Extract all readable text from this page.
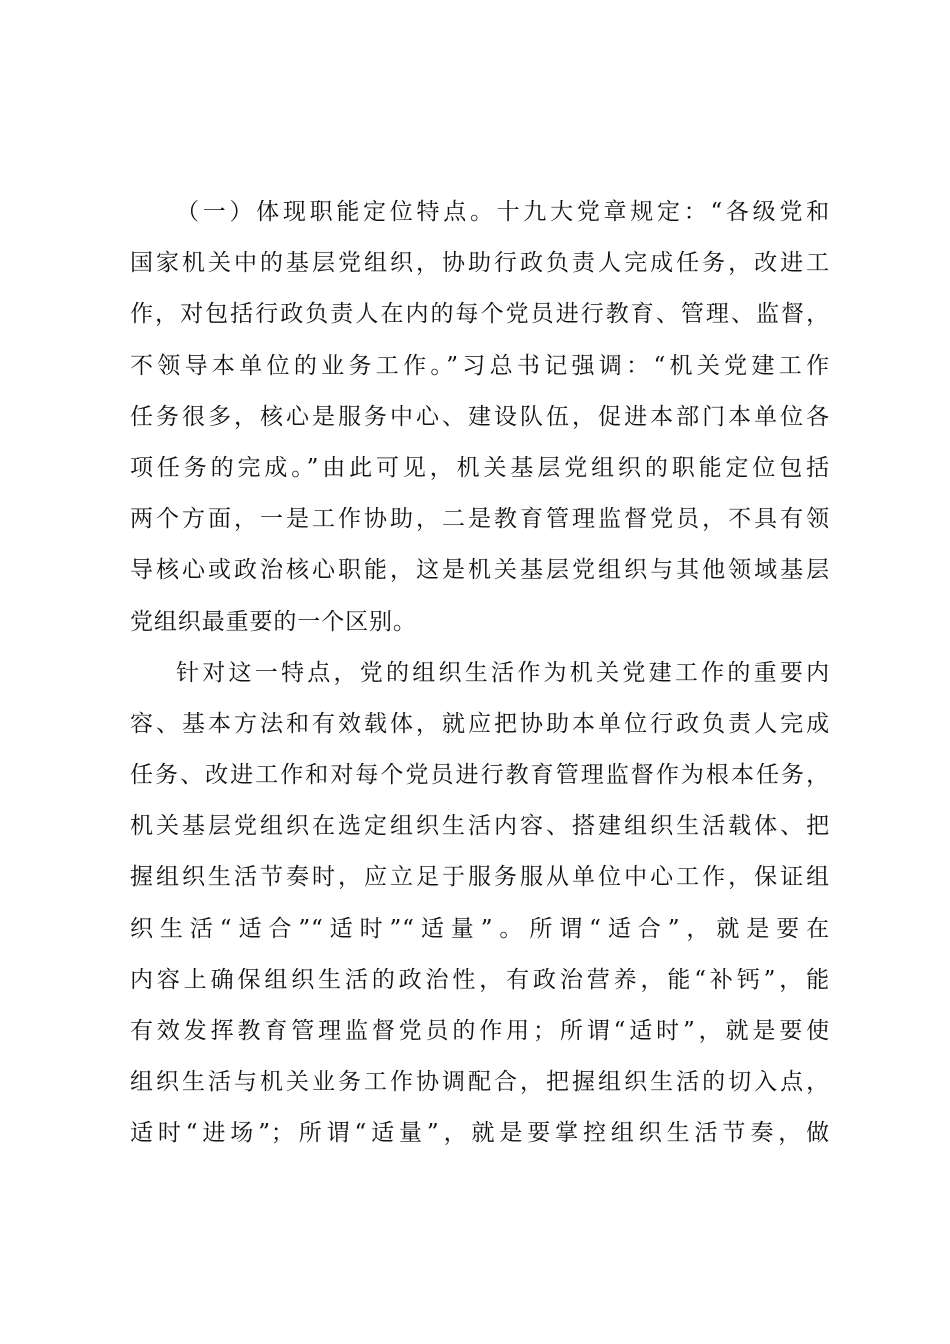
（一）体现职能定位特点。十九大党章规定：“各级党和
国家机关中的基层党组织，协助行政负责人完成任务，改进工
作，对包括行政负责人在内的每个党员进行教育、管理、监督，
不领导本单位的业务工作。”习总书记强调：“机关党建工作
任务很多，核心是服务中心、建设队伍，促进本部门本单位各
项任务的完成。”由此可见，机关基层党组织的职能定位包括
两个方面，一是工作协助，二是教育管理监督党员，不具有领
导核心或政治核心职能，这是机关基层党组织与其他领域基层
党组织最重要的一个区别。
针对这一特点，党的组织生活作为机关党建工作的重要内
容、基本方法和有效载体，就应把协助本单位行政负责人完成
任务、改进工作和对每个党员进行教育管理监督作为根本任务，
机关基层党组织在选定组织生活内容、搭建组织生活载体、把
握组织生活节奏时，应立足于服务服从单位中心工作，保证组
织生活“适合”“适时”“适量”。所谓“适合”，就是要在
内容上确保组织生活的政治性，有政治营养，能“补钙”，能
有效发挥教育管理监督党员的作用；所谓“适时”，就是要使
组织生活与机关业务工作协调配合，把握组织生活的切入点，
适时“进场”；所谓“适量”，就是要掌控组织生活节奏，做
